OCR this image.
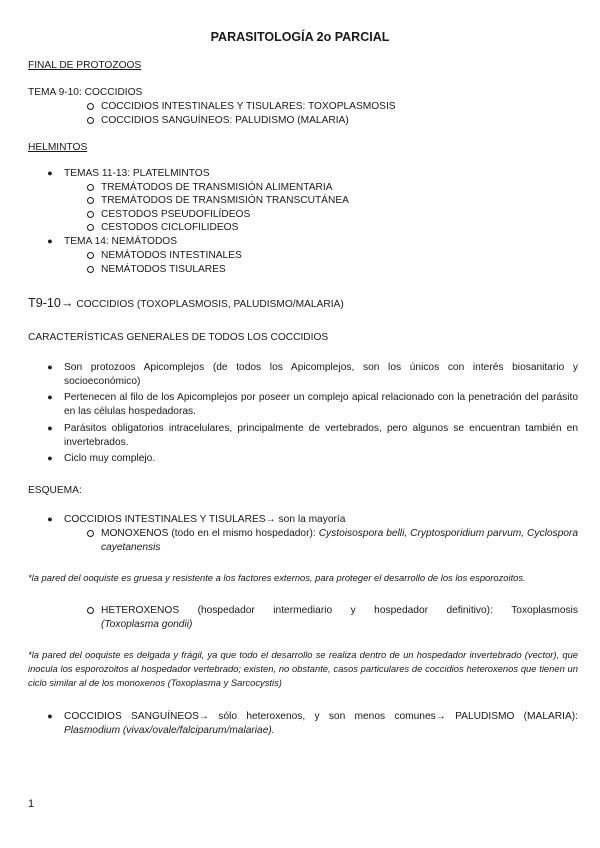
PARASITOLOGÍA 2o PARCIAL
FINAL DE PROTOZOOS
TEMA 9-10: COCCIDIOS
COCCIDIOS INTESTINALES Y TISULARES: TOXOPLASMOSIS
COCCIDIOS SANGUÍNEOS: PALUDISMO (MALARIA)
HELMINTOS
●	TEMAS 11-13: PLATELMINTOS
TREMÁTODOS DE TRANSMISIÓN ALIMENTARIA
TREMÁTODOS DE TRANSMISIÓN TRANSCUTÁNEA
CESTODOS PSEUDOFILÍDEOS
CESTODOS CICLOFILIDEOS
●	TEMA 14: NEMÁTODOS
NEMÁTODOS INTESTINALES
NEMÁTODOS TISULARES
T9-10→ COCCIDIOS (TOXOPLASMOSIS, PALUDISMO/MALARIA)
CARACTERÍSTICAS GENERALES DE TODOS LOS COCCIDIOS
●	Son protozoos Apicomplejos (de todos los Apicomplejos, son los únicos con interés biosanitario y socioeconómico)
●	Pertenecen al filo de los Apicomplejos por poseer un complejo apical relacionado con la penetración del parásito en las células hospedadoras.
●	Parásitos obligatorios intracelulares, principalmente de vertebrados, pero algunos se encuentran también en invertebrados.
●	Ciclo muy complejo.
ESQUEMA:
●	COCCIDIOS INTESTINALES Y TISULARES→ son la mayoría
MONOXENOS (todo en el mismo hospedador): Cystoisospora belli, Cryptosporidium parvum, Cyclospora cayetanensis
*la pared del ooquiste es gruesa y resistente a los factores externos, para proteger el desarrollo de los los esporozoitos.
HETEROXENOS (hospedador intermediario y hospedador definitivo): Toxoplasmosis
(Toxoplasma gondii)
*la pared del ooquiste es delgada y frágil, ya que todo el desarrollo se realiza dentro de un hospedador invertebrado (vector), que inocula los esporozoitos al hospedador vertebrado; existen, no obstante, casos particulares de coccidios heteroxenos que tienen un ciclo similar al de los monoxenos (Toxoplasma y Sarcocystis)
●	COCCIDIOS SANGUÍNEOS→ sólo heteroxenos, y son menos comunes→ PALUDISMO (MALARIA): Plasmodium (vivax/ovale/falciparum/malariae).
1
